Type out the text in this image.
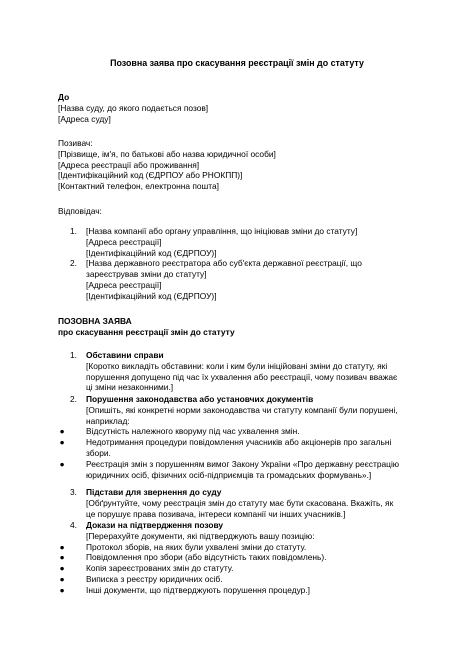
Позовна заява про скасування реєстрації змін до статуту
До
[Назва суду, до якого подається позов]
[Адреса суду]
Позивач:
[Прізвище, ім'я, по батькові або назва юридичної особи]
[Адреса реєстрації або проживання]
[Ідентифікаційний код (ЄДРПОУ або РНОКПП)]
[Контактний телефон, електронна пошта]
Відповідач:
1. [Назва компанії або органу управління, що ініціював зміни до статуту]
[Адреса реєстрації]
[Ідентифікаційний код (ЄДРПОУ)]
2. [Назва державного реєстратора або суб'єкта державної реєстрації, що
зареєстрував зміни до статуту]
[Адреса реєстрації]
[Ідентифікаційний код (ЄДРПОУ)]
ПОЗОВНА ЗАЯВА
про скасування реєстрації змін до статуту
1. Обставини справи
[Коротко викладіть обставини: коли і ким були ініційовані зміни до статуту, які
порушення допущено під час їх ухвалення або реєстрації, чому позивач вважає
ці зміни незаконними.]
2. Порушення законодавства або установчих документів
[Опишіть, які конкретні норми законодавства чи статуту компанії були порушені,
наприклад:
●	Відсутність належного кворуму під час ухвалення змін.
●	Недотримання процедури повідомлення учасників або акціонерів про загальні
збори.
●	Реєстрація змін з порушенням вимог Закону України «Про державну реєстрацію
юридичних осіб, фізичних осіб-підприємців та громадських формувань».]
3. Підстави для звернення до суду
[Обґрунтуйте, чому реєстрація змін до статуту має бути скасована. Вкажіть, як
це порушує права позивача, інтереси компанії чи інших учасників.]
4. Докази на підтвердження позову
[Перерахуйте документи, які підтверджують вашу позицію:
●	Протокол зборів, на яких були ухвалені зміни до статуту.
●	Повідомлення про збори (або відсутність таких повідомлень).
●	Копія зареєстрованих змін до статуту.
●	Виписка з реєстру юридичних осіб.
●	Інші документи, що підтверджують порушення процедур.]
